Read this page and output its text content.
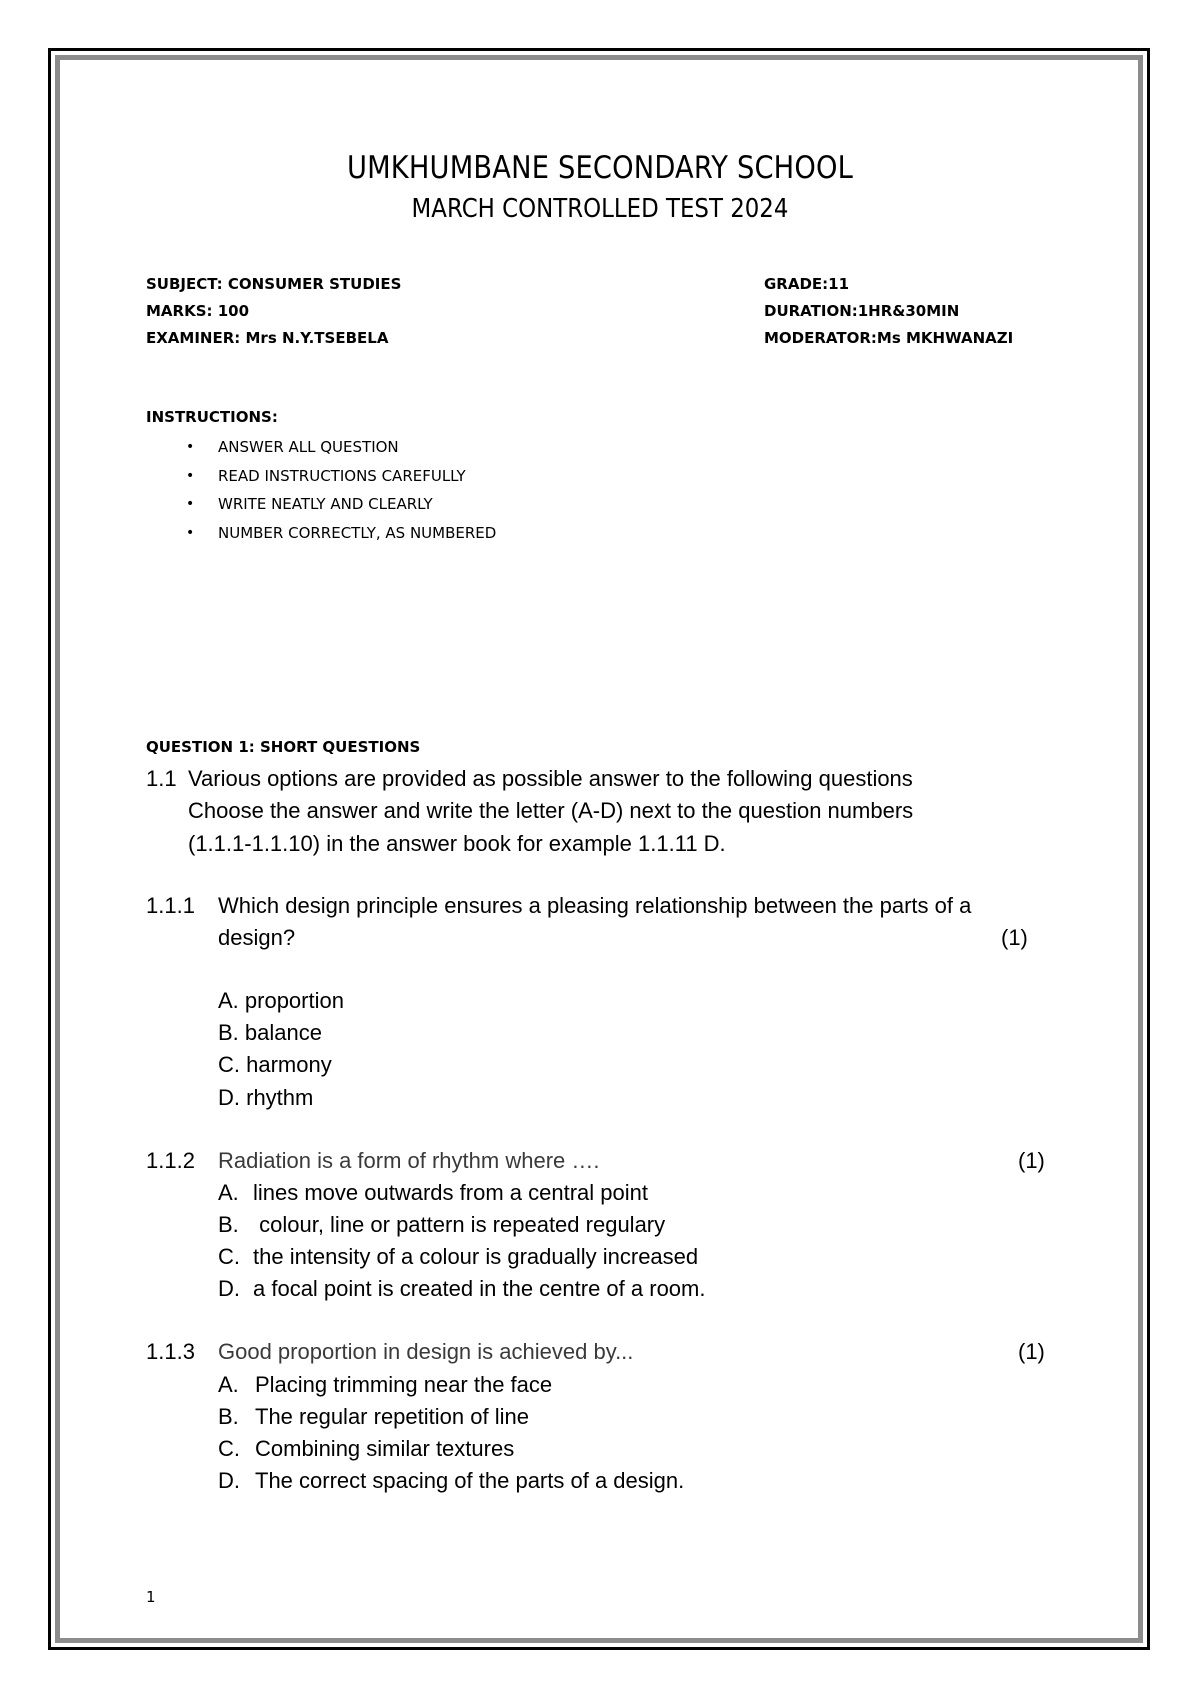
UMKHUMBANE SECONDARY SCHOOL
MARCH CONTROLLED TEST 2024
SUBJECT: CONSUMER STUDIES	GRADE:11
MARKS: 100	DURATION:1HR&30MIN
EXAMINER: Mrs N.Y.TSEBELA	MODERATOR:Ms MKHWANAZI
INSTRUCTIONS:
• ANSWER ALL QUESTION
• READ INSTRUCTIONS CAREFULLY
• WRITE NEATLY AND CLEARLY
• NUMBER CORRECTLY, AS NUMBERED
QUESTION 1: SHORT QUESTIONS
1.1 Various options are provided as possible answer to the following questions
Choose the answer and write the letter (A-D) next to the question numbers
(1.1.1-1.1.10) in the answer book for example 1.1.11 D.
1.1.1 Which design principle ensures a pleasing relationship between the parts of a
design?	(1)
A. proportion
B. balance
C. harmony
D. rhythm
1.1.2 Radiation is a form of rhythm where ….	(1)
A. lines move outwards from a central point
B. colour, line or pattern is repeated regulary
C. the intensity of a colour is gradually increased
D. a focal point is created in the centre of a room.
1.1.3 Good proportion in design is achieved by...	(1)
A. Placing trimming near the face
B. The regular repetition of line
C. Combining similar textures
D. The correct spacing of the parts of a design.
1
